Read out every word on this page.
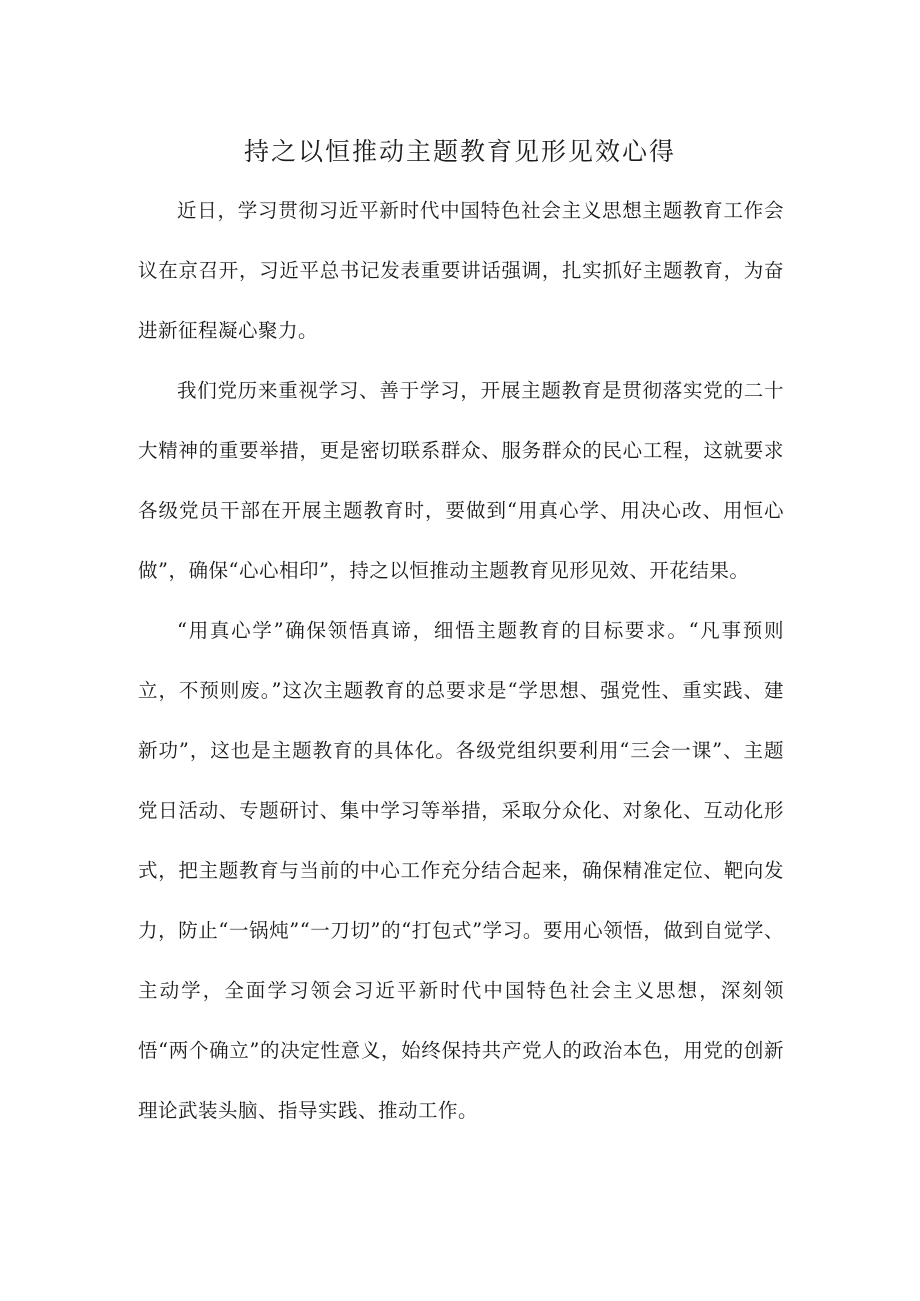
持之以恒推动主题教育见形见效心得

近日，学习贯彻习近平新时代中国特色社会主义思想主题教育工作会议在京召开，习近平总书记发表重要讲话强调，扎实抓好主题教育，为奋进新征程凝心聚力。

我们党历来重视学习、善于学习，开展主题教育是贯彻落实党的二十大精神的重要举措，更是密切联系群众、服务群众的民心工程，这就要求各级党员干部在开展主题教育时，要做到“用真心学、用决心改、用恒心做”，确保“心心相印”，持之以恒推动主题教育见形见效、开花结果。

“用真心学”确保领悟真谛，细悟主题教育的目标要求。“凡事预则立，不预则废。”这次主题教育的总要求是“学思想、强党性、重实践、建新功”，这也是主题教育的具体化。各级党组织要利用“三会一课”、主题党日活动、专题研讨、集中学习等举措，采取分众化、对象化、互动化形式，把主题教育与当前的中心工作充分结合起来，确保精准定位、靶向发力，防止“一锅炖”“一刀切”的“打包式”学习。要用心领悟，做到自觉学、主动学，全面学习领会习近平新时代中国特色社会主义思想，深刻领悟“两个确立”的决定性意义，始终保持共产党人的政治本色，用党的创新理论武装头脑、指导实践、推动工作。
